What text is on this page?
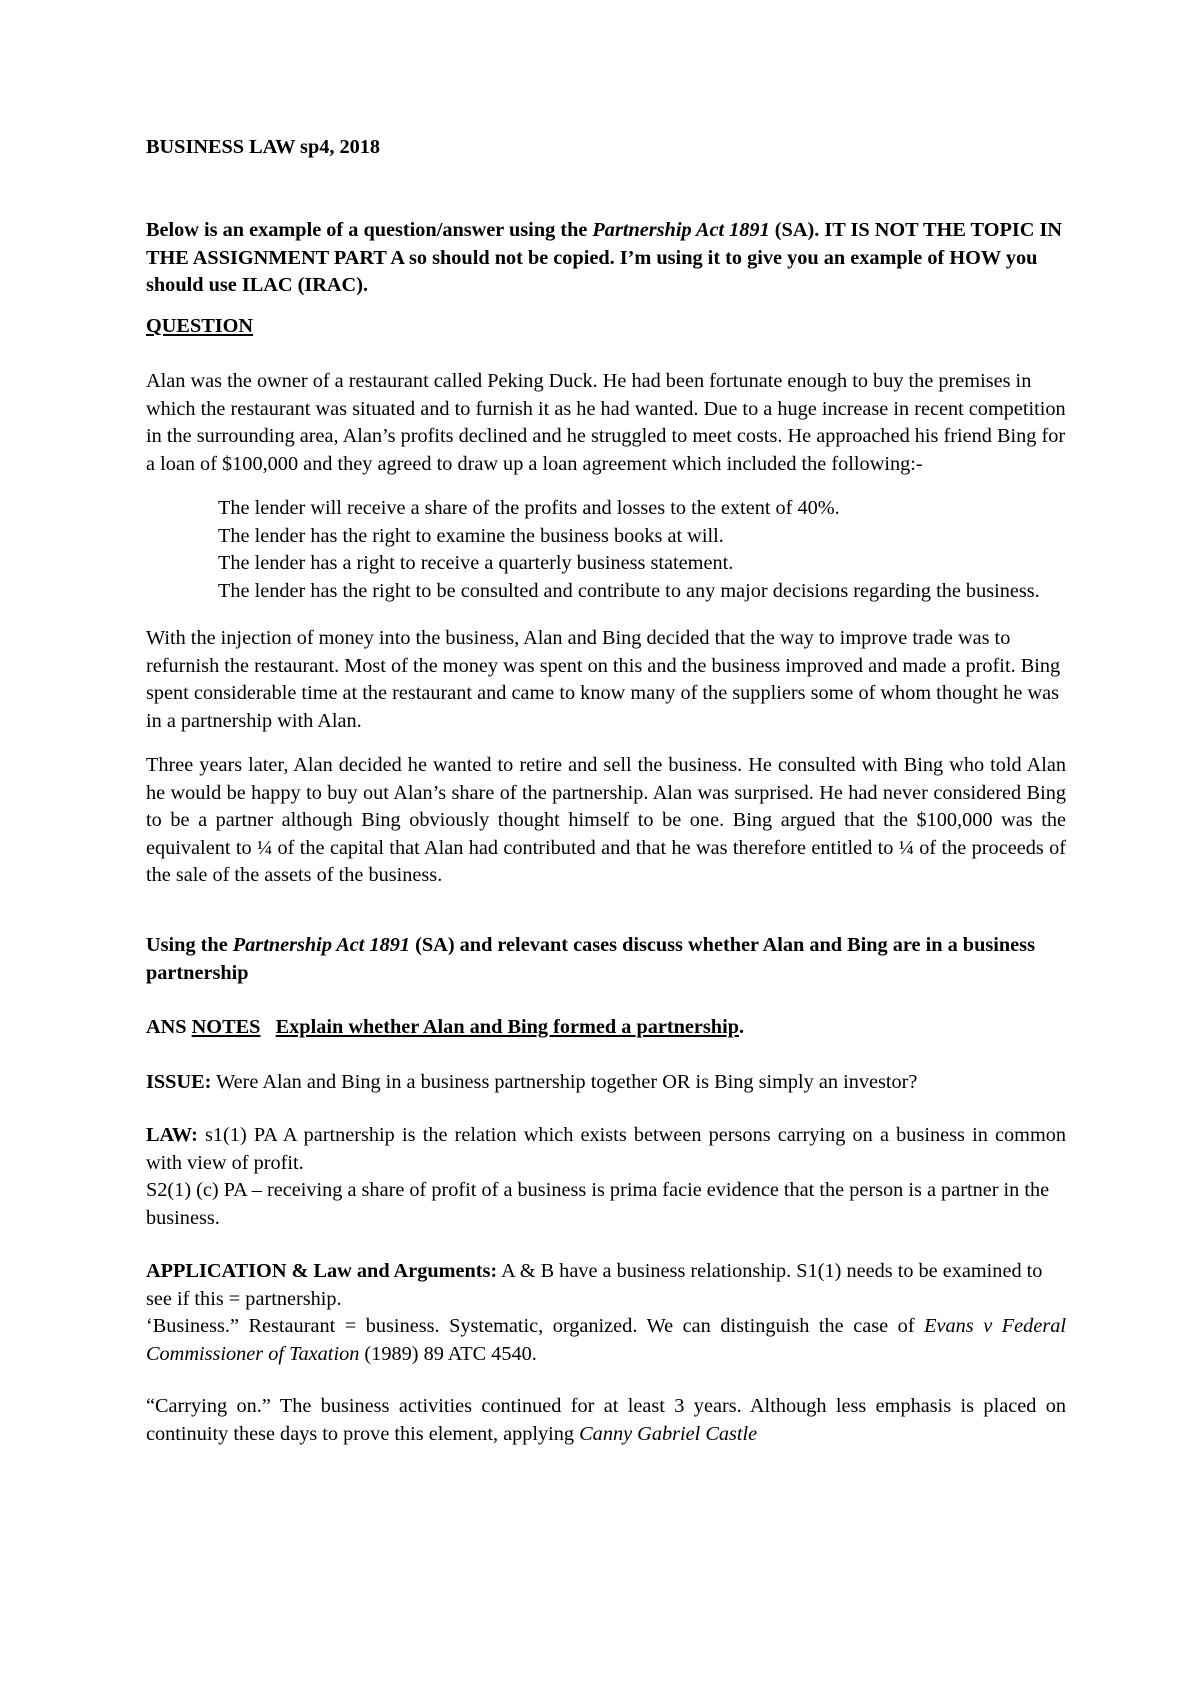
BUSINESS LAW sp4, 2018

Below is an example of a question/answer using the Partnership Act 1891 (SA). IT IS NOT THE TOPIC IN THE ASSIGNMENT PART A so should not be copied. I’m using it to give you an example of HOW you should use ILAC (IRAC).

QUESTION

Alan was the owner of a restaurant called Peking Duck. He had been fortunate enough to buy the premises in which the restaurant was situated and to furnish it as he had wanted. Due to a huge increase in recent competition in the surrounding area, Alan’s profits declined and he struggled to meet costs. He approached his friend Bing for a loan of $100,000 and they agreed to draw up a loan agreement which included the following:-

The lender will receive a share of the profits and losses to the extent of 40%.
The lender has the right to examine the business books at will.
The lender has a right to receive a quarterly business statement.
The lender has the right to be consulted and contribute to any major decisions regarding the business.

With the injection of money into the business, Alan and Bing decided that the way to improve trade was to refurnish the restaurant. Most of the money was spent on this and the business improved and made a profit. Bing spent considerable time at the restaurant and came to know many of the suppliers some of whom thought he was in a partnership with Alan.

Three years later, Alan decided he wanted to retire and sell the business. He consulted with Bing who told Alan he would be happy to buy out Alan’s share of the partnership. Alan was surprised. He had never considered Bing to be a partner although Bing obviously thought himself to be one. Bing argued that the $100,000 was the equivalent to ¼ of the capital that Alan had contributed and that he was therefore entitled to ¼ of the proceeds of the sale of the assets of the business.

Using the Partnership Act 1891 (SA) and relevant cases discuss whether Alan and Bing are in a business partnership

ANS NOTES Explain whether Alan and Bing formed a partnership.

ISSUE: Were Alan and Bing in a business partnership together OR is Bing simply an investor?

LAW: s1(1) PA A partnership is the relation which exists between persons carrying on a business in common with view of profit.

S2(1) (c) PA – receiving a share of profit of a business is prima facie evidence that the person is a partner in the business.

APPLICATION & Law and Arguments: A & B have a business relationship. S1(1) needs to be examined to see if this = partnership.

‘Business.” Restaurant = business. Systematic, organized. We can distinguish the case of Evans v Federal Commissioner of Taxation (1989) 89 ATC 4540.

“Carrying on.” The business activities continued for at least 3 years. Although less emphasis is placed on continuity these days to prove this element, applying Canny Gabriel Castle
